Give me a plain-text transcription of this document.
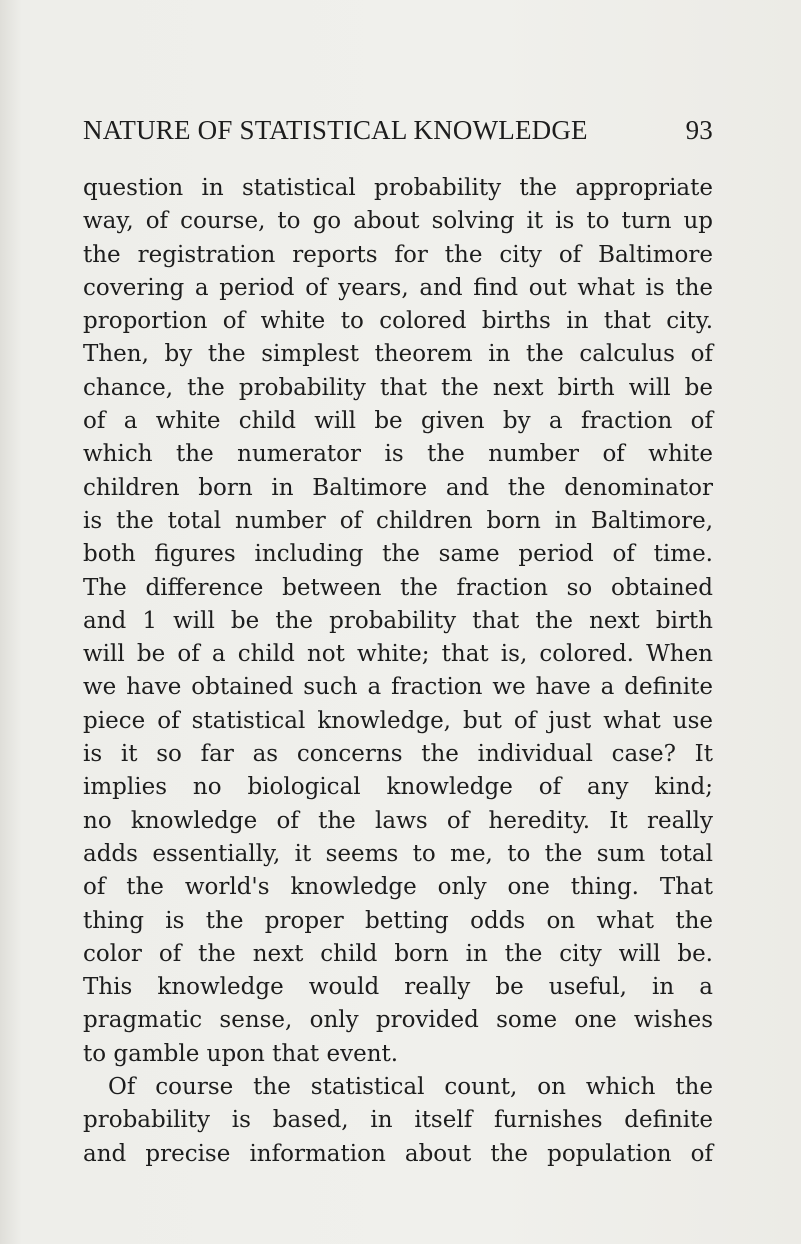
NATURE OF STATISTICAL KNOWLEDGE	93
question in statistical probability the appropriate
way, of course, to go about solving it is to turn up
the registration reports for the city of Baltimore
covering a period of years, and find out what is the
proportion of white to colored births in that city.
Then, by the simplest theorem in the calculus of
chance, the probability that the next birth will be
of a white child will be given by a fraction of
which the numerator is the number of white
children born in Baltimore and the denominator
is the total number of children born in Baltimore,
both figures including the same period of time.
The difference between the fraction so obtained
and 1 will be the probability that the next birth
will be of a child not white; that is, colored. When
we have obtained such a fraction we have a definite
piece of statistical knowledge, but of just what use
is it so far as concerns the individual case? It
implies no biological knowledge of any kind;
no knowledge of the laws of heredity. It really
adds essentially, it seems to me, to the sum total
of the world's knowledge only one thing. That
thing is the proper betting odds on what the
color of the next child born in the city will be.
This knowledge would really be useful, in a
pragmatic sense, only provided some one wishes
to gamble upon that event.
Of course the statistical count, on which the
probability is based, in itself furnishes definite
and precise information about the population of
